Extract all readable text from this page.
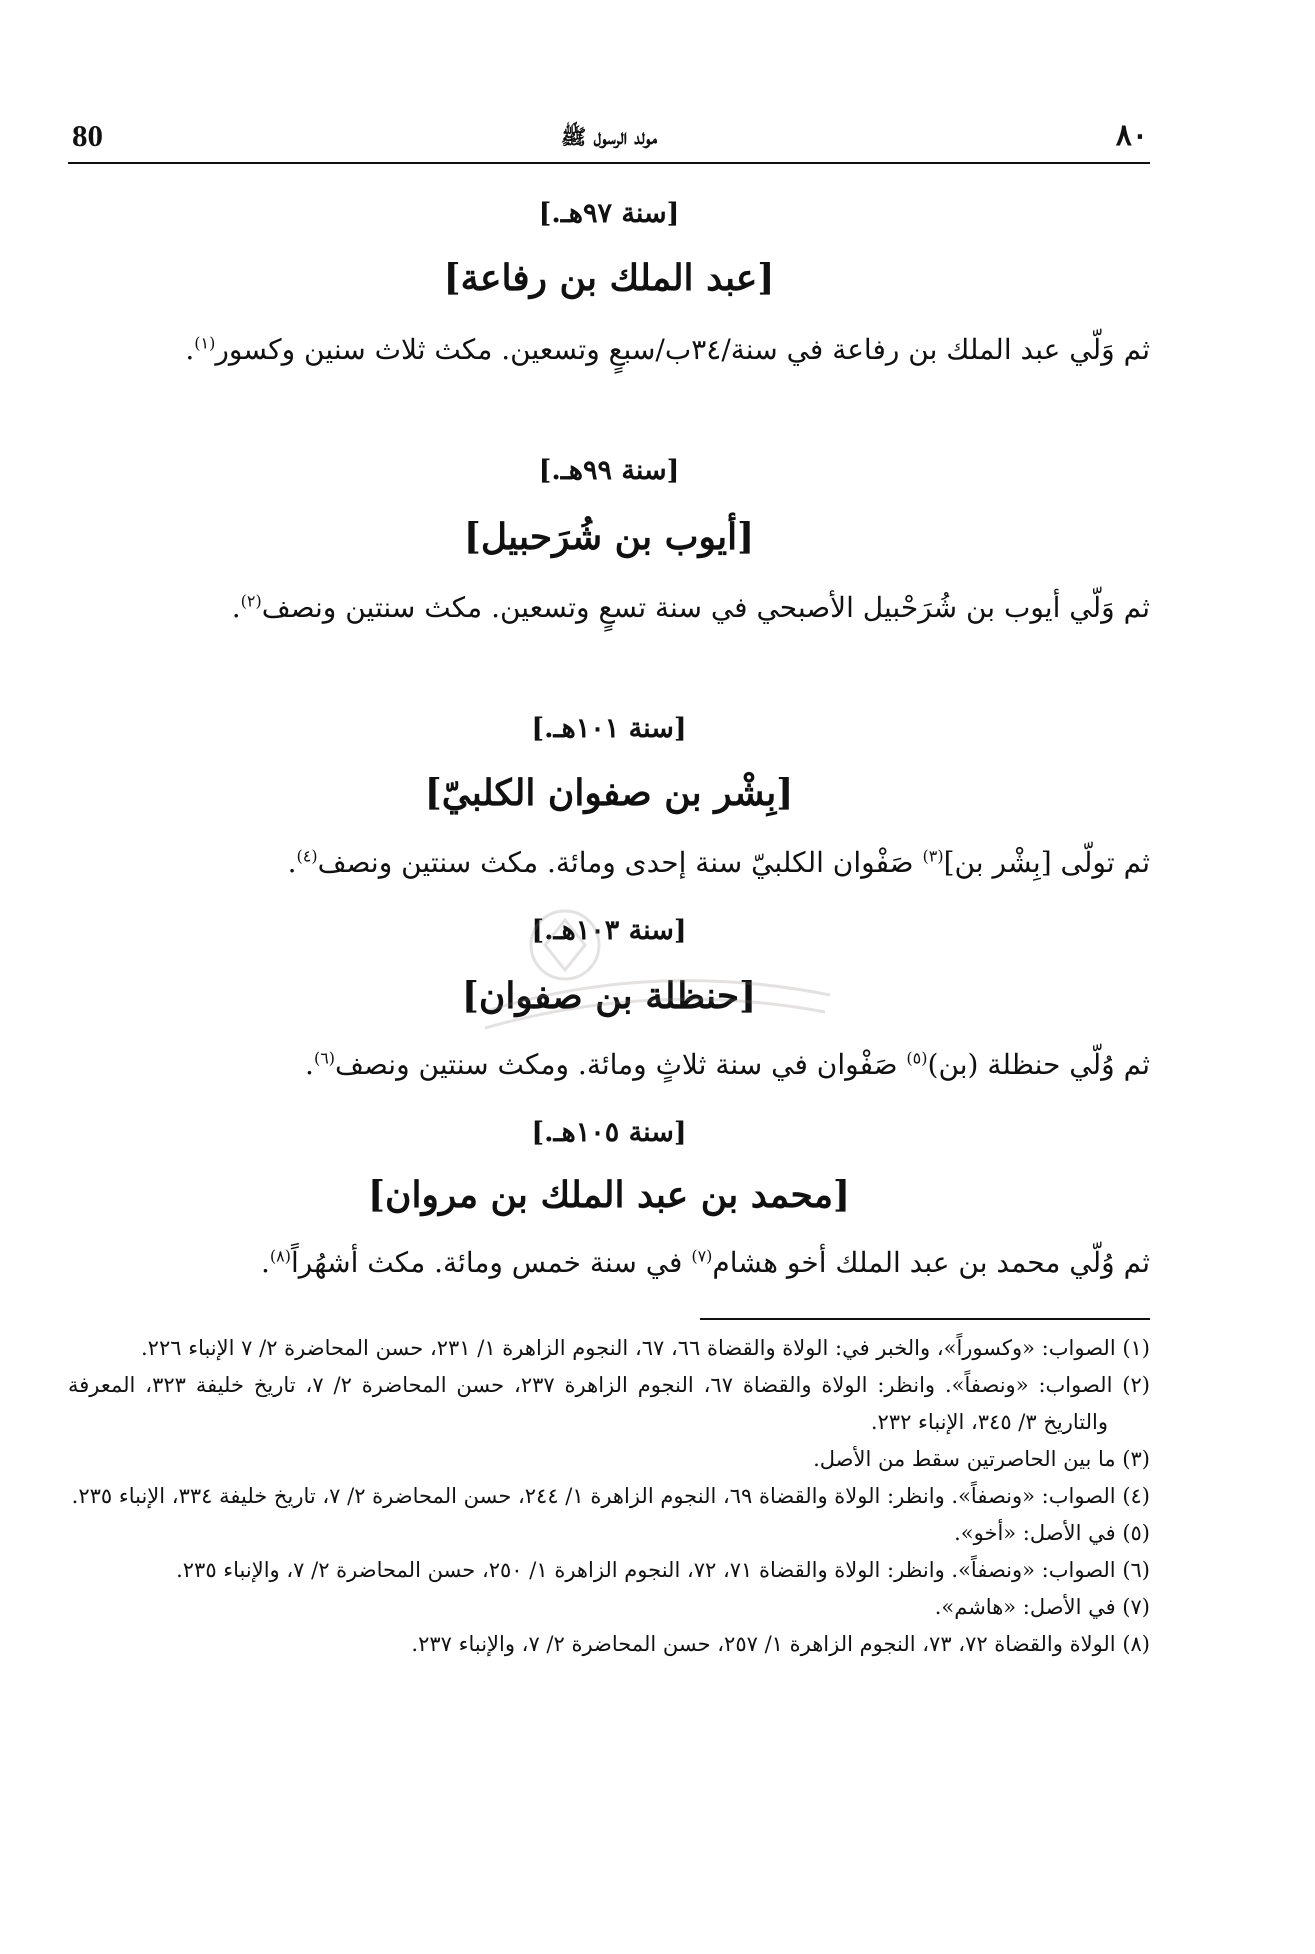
80	مولد الرسول ﷺ	٨٠
[سنة ٩٧هـ.]
[عبد الملك بن رفاعة]
ثم وَلّي عبد الملك بن رفاعة في سنة/٣٤ب/سبعٍ وتسعين. مكث ثلاث سنين وكسور$^{(١)}$.
[سنة ٩٩هـ.]
[أيوب بن شُرَحبيل]
ثم وَلّي أيوب بن شُرَحْبيل الأصبحي في سنة تسعٍ وتسعين. مكث سنتين ونصف$^{(٢)}$.
[سنة ١٠١هـ.]
[بِشْر بن صفوان الكلبيّ]
ثم تولّى [بِشْر بن]$^{(٣)}$ صَفْوان الكلبيّ سنة إحدى ومائة. مكث سنتين ونصف$^{(٤)}$.
[سنة ١٠٣هـ.]
[حنظلة بن صفوان]
ثم وُلّي حنظلة (بن)$^{(٥)}$ صَفْوان في سنة ثلاثٍ ومائة. ومكث سنتين ونصف$^{(٦)}$.
[سنة ١٠٥هـ.]
[محمد بن عبد الملك بن مروان]
ثم وُلّي محمد بن عبد الملك أخو هشام$^{(٧)}$ في سنة خمس ومائة. مكث أشهُراً$^{(٨)}$.
(١) الصواب: «وكسوراً»، والخبر في: الولاة والقضاة ٦٦، ٦٧، النجوم الزاهرة ١/ ٢٣١، حسن المحاضرة ٢/ ٧ الإنباء ٢٢٦.
(٢) الصواب: «ونصفاً». وانظر: الولاة والقضاة ٦٧، النجوم الزاهرة ٢٣٧، حسن المحاضرة ٢/ ٧، تاريخ خليفة ٣٢٣، المعرفة والتاريخ ٣/ ٣٤٥، الإنباء ٢٣٢.
(٣) ما بين الحاصرتين سقط من الأصل.
(٤) الصواب: «ونصفاً». وانظر: الولاة والقضاة ٦٩، النجوم الزاهرة ١/ ٢٤٤، حسن المحاضرة ٢/ ٧، تاريخ خليفة ٣٣٤، الإنباء ٢٣٥.
(٥) في الأصل: «أخو».
(٦) الصواب: «ونصفاً». وانظر: الولاة والقضاة ٧١، ٧٢، النجوم الزاهرة ١/ ٢٥٠، حسن المحاضرة ٢/ ٧، والإنباء ٢٣٥.
(٧) في الأصل: «هاشم».
(٨) الولاة والقضاة ٧٢، ٧٣، النجوم الزاهرة ١/ ٢٥٧، حسن المحاضرة ٢/ ٧، والإنباء ٢٣٧.
